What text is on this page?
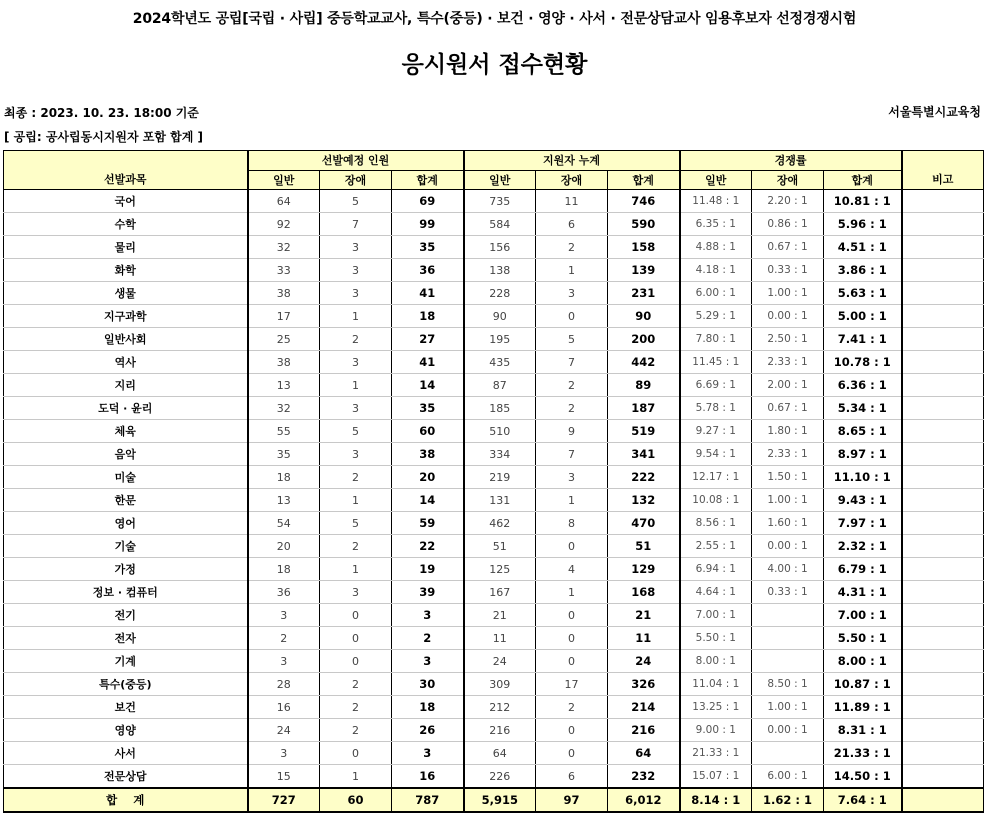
2024학년도 공립[국립 · 사립] 중등학교교사, 특수(중등) · 보건 · 영양 · 사서 · 전문상담교사 임용후보자 선정경쟁시험
응시원서 접수현황
최종 : 2023. 10. 23. 18:00 기준	서울특별시교육청
[ 공립: 공사립동시지원자 포함 합계 ]
	선발예정 인원			지원자 누계			경쟁률			
선발과목	일반	장애	합계	일반	장애	합계	일반	장애	합계	비고
국어	64	5	69	735	11	746	11.48 : 1	2.20 : 1	10.81 : 1	
수학	92	7	99	584	6	590	6.35 : 1	0.86 : 1	5.96 : 1	
물리	32	3	35	156	2	158	4.88 : 1	0.67 : 1	4.51 : 1	
화학	33	3	36	138	1	139	4.18 : 1	0.33 : 1	3.86 : 1	
생물	38	3	41	228	3	231	6.00 : 1	1.00 : 1	5.63 : 1	
지구과학	17	1	18	90	0	90	5.29 : 1	0.00 : 1	5.00 : 1	
일반사회	25	2	27	195	5	200	7.80 : 1	2.50 : 1	7.41 : 1	
역사	38	3	41	435	7	442	11.45 : 1	2.33 : 1	10.78 : 1	
지리	13	1	14	87	2	89	6.69 : 1	2.00 : 1	6.36 : 1	
도덕 · 윤리	32	3	35	185	2	187	5.78 : 1	0.67 : 1	5.34 : 1	
체육	55	5	60	510	9	519	9.27 : 1	1.80 : 1	8.65 : 1	
음악	35	3	38	334	7	341	9.54 : 1	2.33 : 1	8.97 : 1	
미술	18	2	20	219	3	222	12.17 : 1	1.50 : 1	11.10 : 1	
한문	13	1	14	131	1	132	10.08 : 1	1.00 : 1	9.43 : 1	
영어	54	5	59	462	8	470	8.56 : 1	1.60 : 1	7.97 : 1	
기술	20	2	22	51	0	51	2.55 : 1	0.00 : 1	2.32 : 1	
가정	18	1	19	125	4	129	6.94 : 1	4.00 : 1	6.79 : 1	
정보 · 컴퓨터	36	3	39	167	1	168	4.64 : 1	0.33 : 1	4.31 : 1	
전기	3	0	3	21	0	21	7.00 : 1		7.00 : 1	
전자	2	0	2	11	0	11	5.50 : 1		5.50 : 1	
기계	3	0	3	24	0	24	8.00 : 1		8.00 : 1	
특수(중등)	28	2	30	309	17	326	11.04 : 1	8.50 : 1	10.87 : 1	
보건	16	2	18	212	2	214	13.25 : 1	1.00 : 1	11.89 : 1	
영양	24	2	26	216	0	216	9.00 : 1	0.00 : 1	8.31 : 1	
사서	3	0	3	64	0	64	21.33 : 1		21.33 : 1	
전문상담	15	1	16	226	6	232	15.07 : 1	6.00 : 1	14.50 : 1	
합    계	727	60	787	5,915	97	6,012	8.14 : 1	1.62 : 1	7.64 : 1	
